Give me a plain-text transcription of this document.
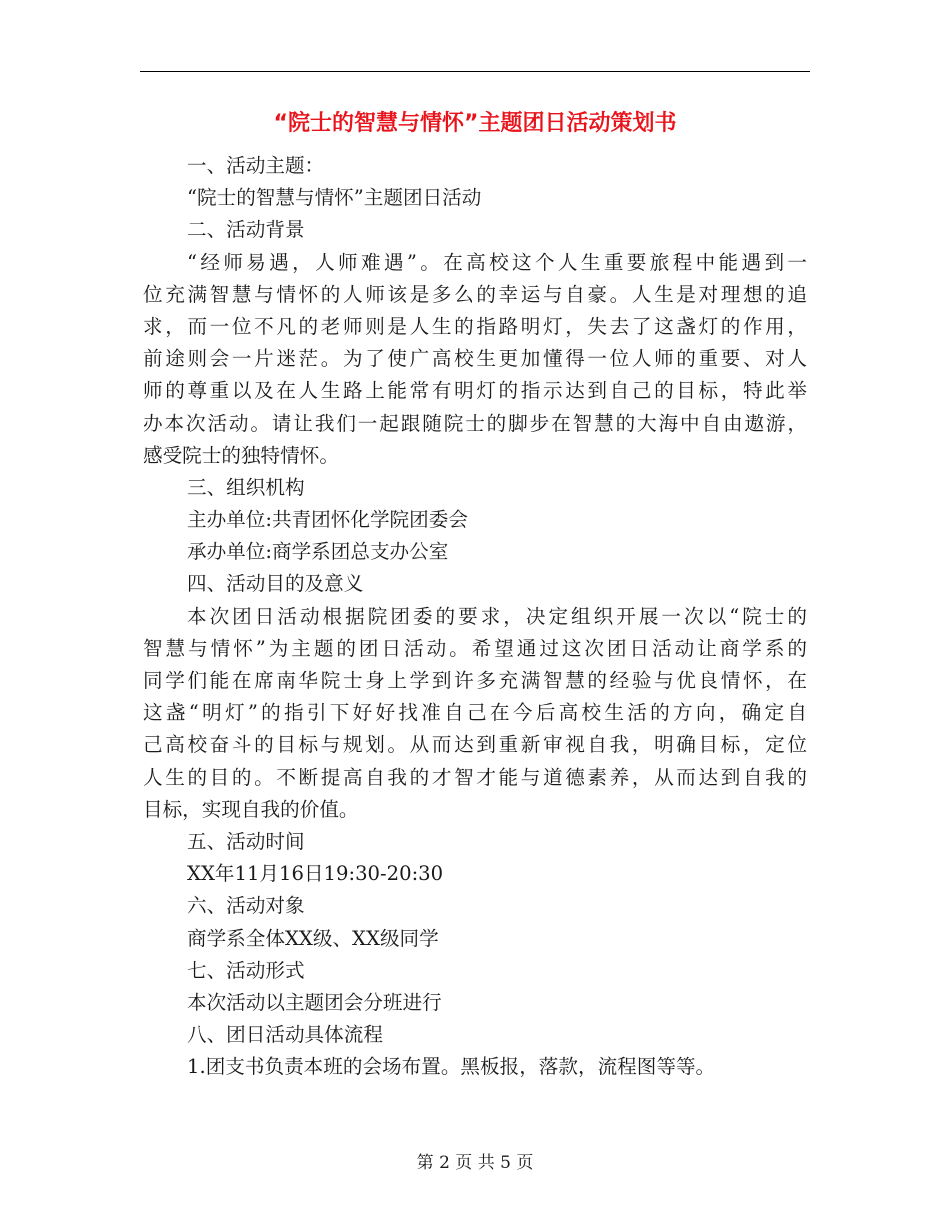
“院士的智慧与情怀”主题团日活动策划书
一、活动主题：
“院士的智慧与情怀”主题团日活动
二、活动背景
“经师易遇，人师难遇”。在高校这个人生重要旅程中能遇到一
位充满智慧与情怀的人师该是多么的幸运与自豪。人生是对理想的追
求，而一位不凡的老师则是人生的指路明灯，失去了这盏灯的作用，
前途则会一片迷茫。为了使广高校生更加懂得一位人师的重要、对人
师的尊重以及在人生路上能常有明灯的指示达到自己的目标，特此举
办本次活动。请让我们一起跟随院士的脚步在智慧的大海中自由遨游，
感受院士的独特情怀。
三、组织机构
主办单位:共青团怀化学院团委会
承办单位:商学系团总支办公室
四、活动目的及意义
本次团日活动根据院团委的要求，决定组织开展一次以“院士的
智慧与情怀”为主题的团日活动。希望通过这次团日活动让商学系的
同学们能在席南华院士身上学到许多充满智慧的经验与优良情怀，在
这盏“明灯”的指引下好好找准自己在今后高校生活的方向，确定自
己高校奋斗的目标与规划。从而达到重新审视自我，明确目标，定位
人生的目的。不断提高自我的才智才能与道德素养，从而达到自我的
目标，实现自我的价值。
五、活动时间
XX年11月16日19:30-20:30
六、活动对象
商学系全体XX级、XX级同学
七、活动形式
本次活动以主题团会分班进行
八、团日活动具体流程
1.团支书负责本班的会场布置。黑板报，落款，流程图等等。
第 2 页 共 5 页
